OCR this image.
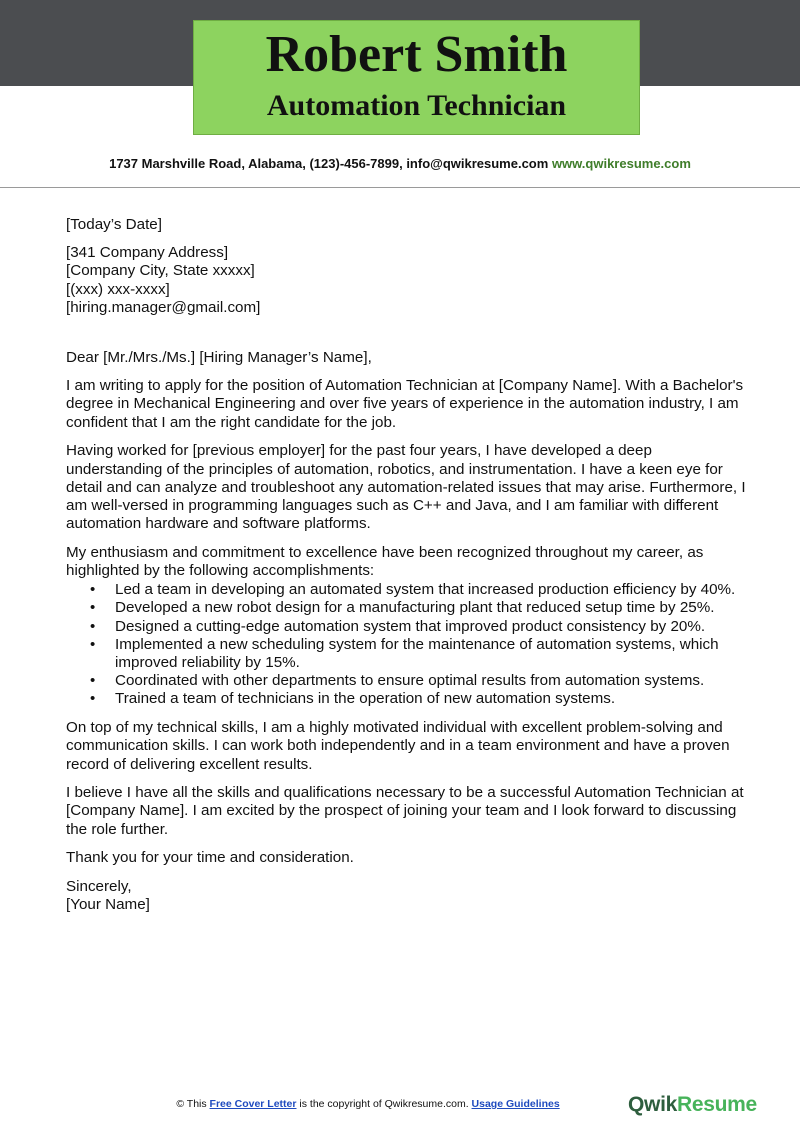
Robert Smith
Automation Technician
1737 Marshville Road, Alabama, (123)-456-7899, info@qwikresume.com www.qwikresume.com

[Today’s Date]

[341 Company Address]

[Company City, State xxxxx]

[(xxx) xxx-xxxx]

[hiring.manager@gmail.com]

Dear [Mr./Mrs./Ms.] [Hiring Manager’s Name],

I am writing to apply for the position of Automation Technician at [Company Name]. With a Bachelor's degree in Mechanical Engineering and over five years of experience in the automation industry, I am confident that I am the right candidate for the job.

Having worked for [previous employer] for the past four years, I have developed a deep understanding of the principles of automation, robotics, and instrumentation. I have a keen eye for detail and can analyze and troubleshoot any automation-related issues that may arise. Furthermore, I am well-versed in programming languages such as C++ and Java, and I am familiar with different automation hardware and software platforms.

My enthusiasm and commitment to excellence have been recognized throughout my career, as highlighted by the following accomplishments:

• Led a team in developing an automated system that increased production efficiency by 40%.
• Developed a new robot design for a manufacturing plant that reduced setup time by 25%.
• Designed a cutting-edge automation system that improved product consistency by 20%.
• Implemented a new scheduling system for the maintenance of automation systems, which improved reliability by 15%.
• Coordinated with other departments to ensure optimal results from automation systems.
• Trained a team of technicians in the operation of new automation systems.

On top of my technical skills, I am a highly motivated individual with excellent problem-solving and communication skills. I can work both independently and in a team environment and have a proven record of delivering excellent results.

I believe I have all the skills and qualifications necessary to be a successful Automation Technician at [Company Name]. I am excited by the prospect of joining your team and I look forward to discussing the role further.

Thank you for your time and consideration.

Sincerely,

[Your Name]

© This Free Cover Letter is the copyright of Qwikresume.com. Usage Guidelines	QwikResume
